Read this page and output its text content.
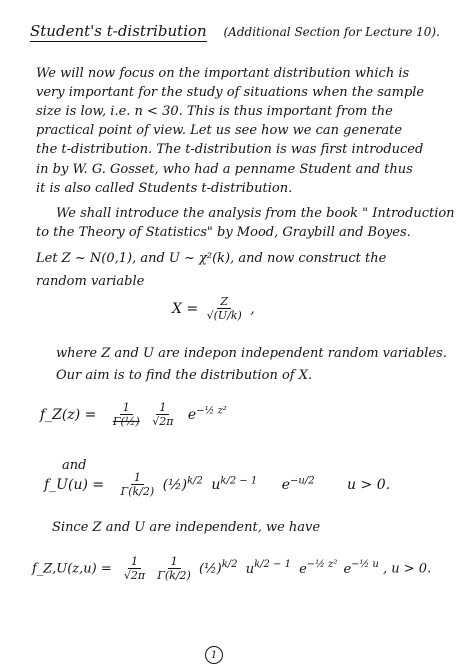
Student's t-distribution (Additional Section for Lecture 10).
We will now focus on the important distribution which is
very important for the study of situations when the sample
size is low, i.e. n < 30. This is thus important from the
practical point of view. Let us see how we can generate
the t-distribution. The t-distribution is was first introduced
in by W. G. Gosset, who had a penname Student and thus
it is also called Students t-distribution.
We shall introduce the analysis from the book " Introduction
to the Theory of Statistics" by Mood, Graybill and Boyes.
Let Z ~ N(0,1), and U ~ χ²(k), and now construct the
random variable
$X = \frac{Z}{√(U/k)}$ ,
where Z and U are indepon independent random variables.
Our aim is to find the distribution of X.
f_Z(z) = $\frac{1}{\text{Γ(½)}}$
$\frac{1}{√2\pi} e^{-\frac{1}{2} z^2}$
and
f_U(u) = $\frac{1}{\Gamma(k/2)}$ (½)$^{k/2}$ $u^{k/2 - 1}$ $e^{-u/2}$ u > 0.
Since Z and U are independent, we have
f_Z,U(z,u) = $\frac{1}{√2\pi}$
$\frac{1}{\Gamma(k/2)}$ (½)$^{k/2}$ $u^{k/2 - 1}$ $e^{-\frac{1}{2} z^2}$ $e^{-\frac{1}{2} u}$ , u > 0.
1
